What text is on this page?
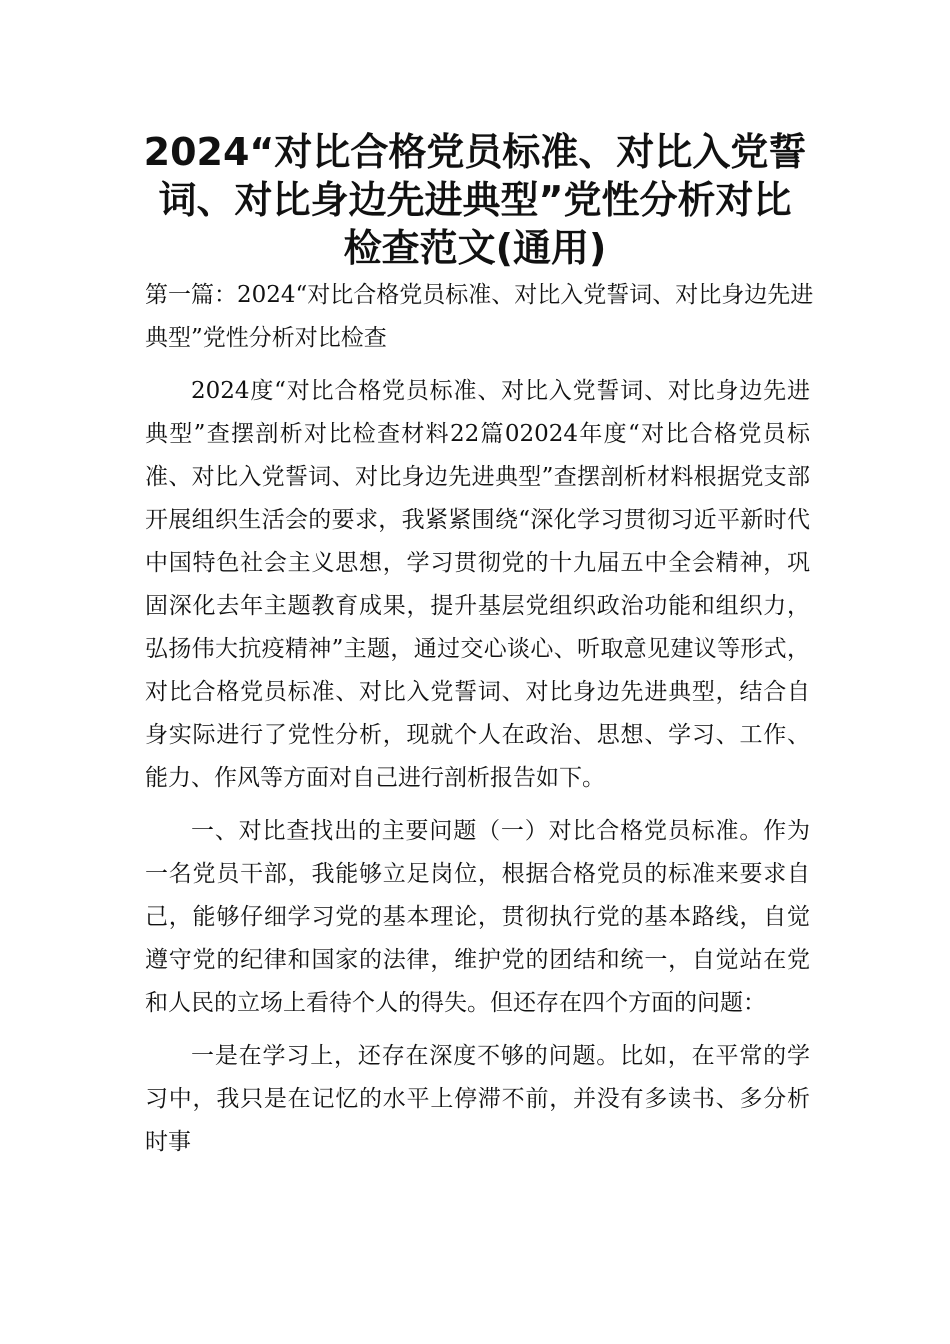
2024“对比合格党员标准、对比入党誓
词、对比身边先进典型”党性分析对比
检查范文(通用)

第一篇：2024“对比合格党员标准、对比入党誓词、对比身边先进
典型”党性分析对比检查

2024度“对比合格党员标准、对比入党誓词、对比身边先进典型”查摆剖析对比检查材料22篇02024年度“对比合格党员标准、对比入党誓词、对比身边先进典型”查摆剖析材料根据党支部开展组织生活会的要求，我紧紧围绕“深化学习贯彻习近平新时代中国特色社会主义思想，学习贯彻党的十九届五中全会精神，巩固深化去年主题教育成果，提升基层党组织政治功能和组织力，弘扬伟大抗疫精神”主题，通过交心谈心、听取意见建议等形式，对比合格党员标准、对比入党誓词、对比身边先进典型，结合自身实际进行了党性分析，现就个人在政治、思想、学习、工作、能力、作风等方面对自己进行剖析报告如下。

一、对比查找出的主要问题（一）对比合格党员标准。作为一名党员干部，我能够立足岗位，根据合格党员的标准来要求自己，能够仔细学习党的基本理论，贯彻执行党的基本路线，自觉遵守党的纪律和国家的法律，维护党的团结和统一，自觉站在党和人民的立场上看待个人的得失。但还存在四个方面的问题：

一是在学习上，还存在深度不够的问题。比如，在平常的学习中，我只是在记忆的水平上停滞不前，并没有多读书、多分析时事
